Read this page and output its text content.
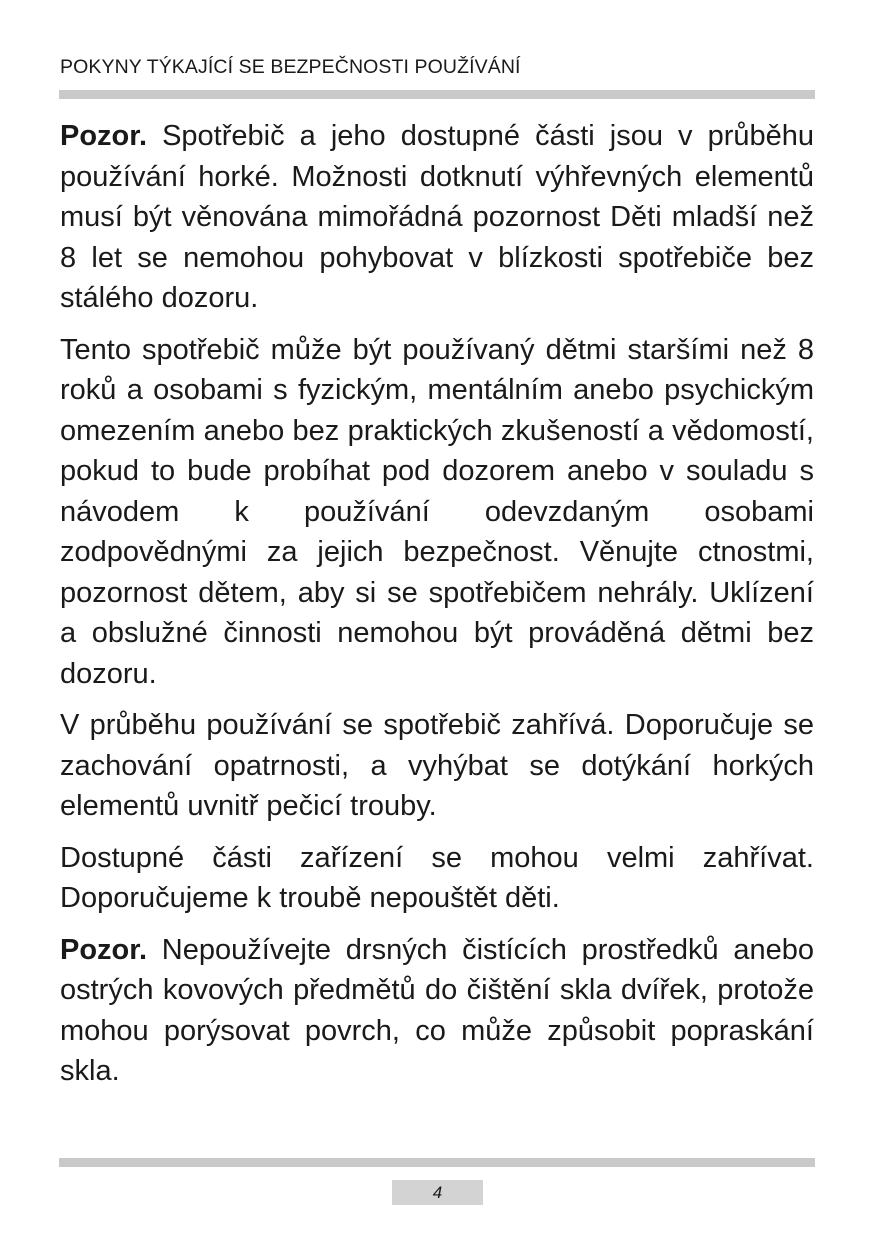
POKYNY TÝKAJÍCÍ SE BEZPEČNOSTI POUŽÍVÁNÍ

Pozor. Spotřebič a jeho dostupné části jsou v průběhu používání horké. Možnosti dotknutí výhřevných elementů musí být věnována mimořádná pozornost Děti mladší než 8 let se nemohou pohybovat v blízkosti spotřebiče bez stálého dozoru.

Tento spotřebič může být používaný dětmi staršími než 8 roků a osobami s fyzickým, mentálním anebo psychickým omezením anebo bez praktických zkušeností a vědomostí, pokud to bude probíhat pod dozorem anebo v souladu s návodem k používání odevzdaným osobami zodpovědnými za jejich bezpečnost. Věnujte ctnostmi, pozornost dětem, aby si se spotřebičem nehrály. Uklízení a obslužné činnosti nemohou být prováděná dětmi bez dozoru.

V průběhu používání se spotřebič zahřívá. Doporučuje se zachování opatrnosti, a vyhýbat se dotýkání horkých elementů uvnitř pečicí trouby.

Dostupné části zařízení se mohou velmi zahřívat. Doporučujeme k troubě nepouštět děti.

Pozor. Nepoužívejte drsných čistících prostředků anebo ostrých kovových předmětů do čištění skla dvířek, protože mohou porýsovat povrch, co může způsobit popraskání skla.

4
